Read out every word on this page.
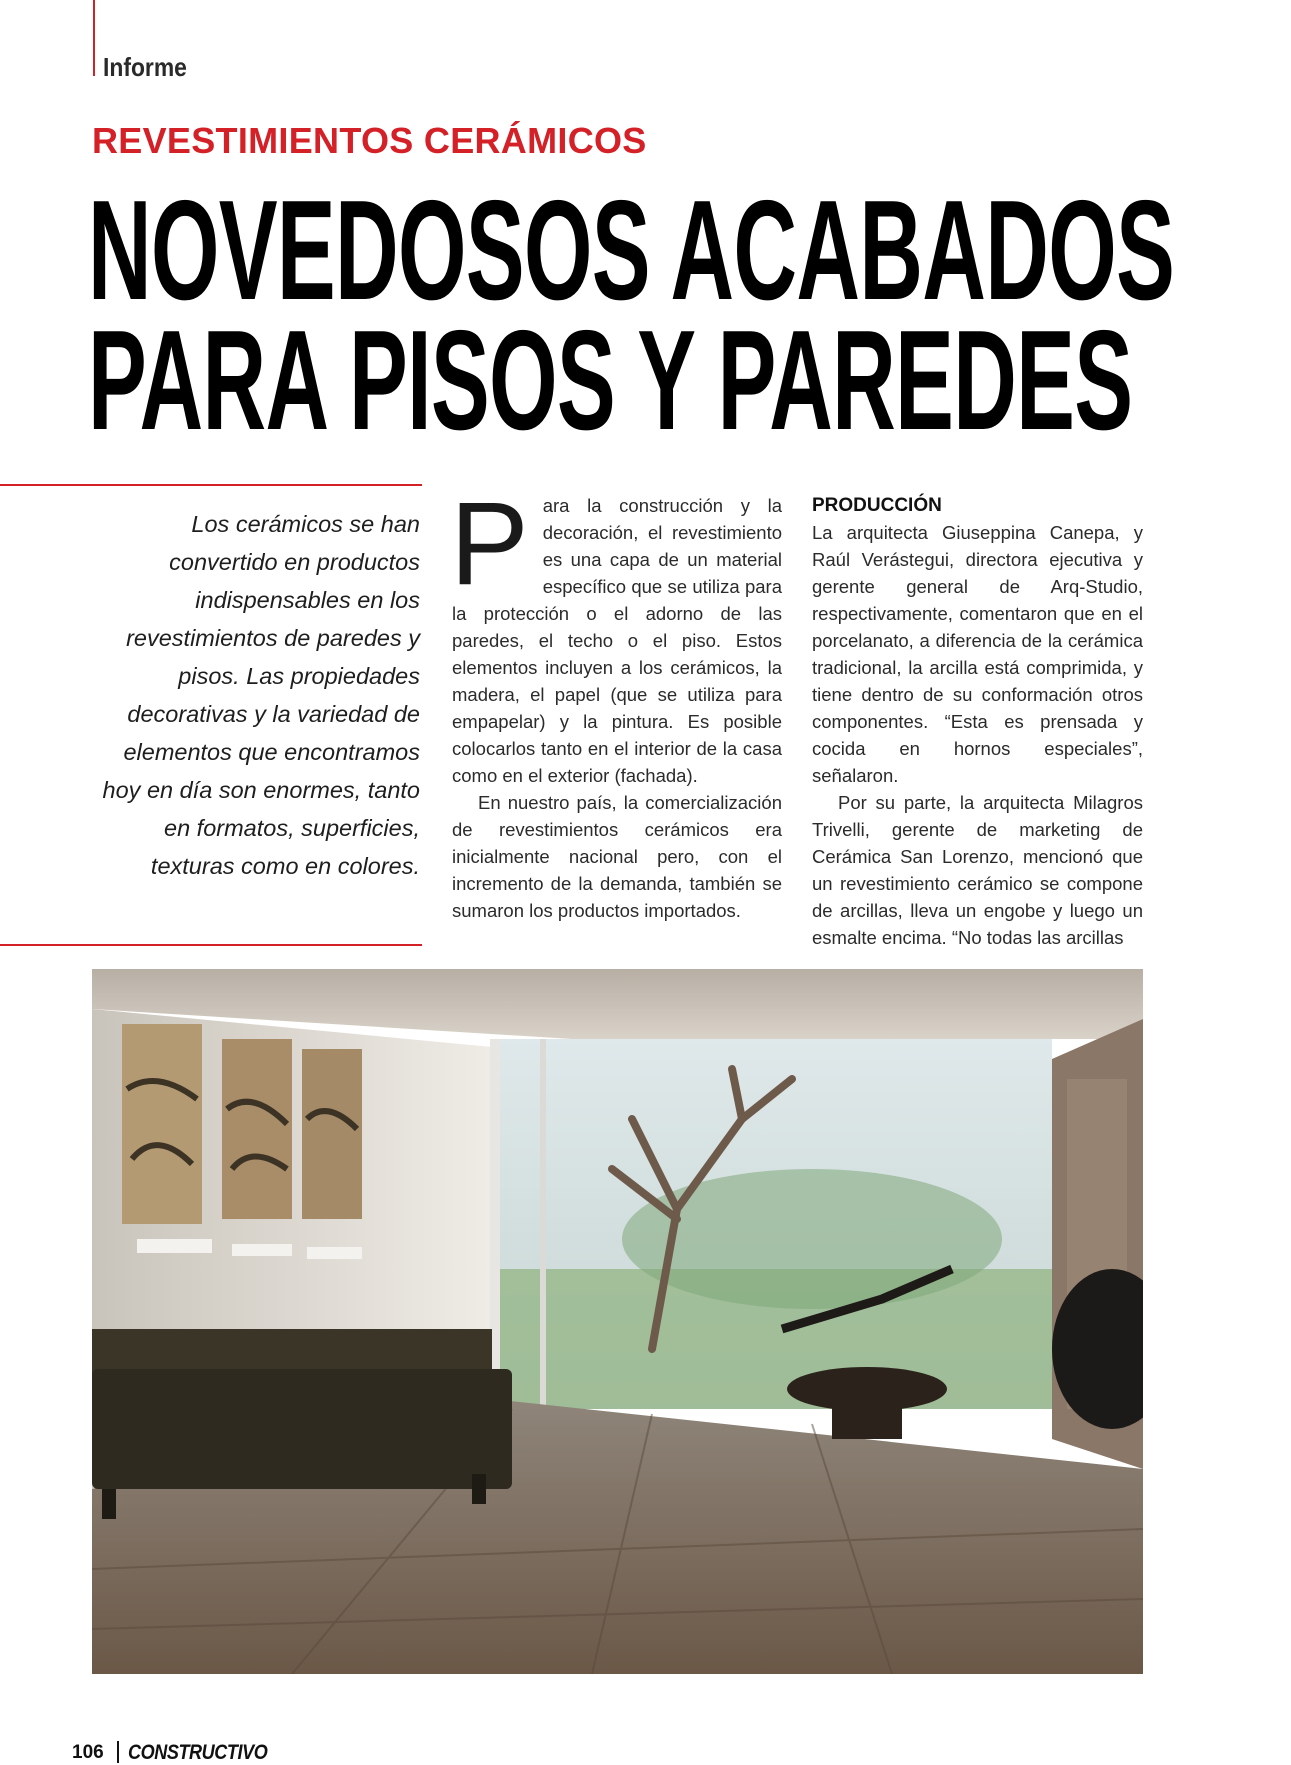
Informe
REVESTIMIENTOS CERÁMICOS
NOVEDOSOS ACABADOS
PARA PISOS Y PAREDES
Los cerámicos se han convertido en productos indispensables en los revestimientos de paredes y pisos. Las propiedades decorativas y la variedad de elementos que encontramos hoy en día son enormes, tanto en formatos, superficies, texturas como en colores.

Para la construcción y la decoración, el revestimiento es una capa de un material específico que se utiliza para la protección o el adorno de las paredes, el techo o el piso. Estos elementos incluyen a los cerámicos, la madera, el papel (que se utiliza para empapelar) y la pintura. Es posible colocarlos tanto en el interior de la casa como en el exterior (fachada).

En nuestro país, la comercialización de revestimientos cerámicos era inicialmente nacional pero, con el incremento de la demanda, también se sumaron los productos importados.

PRODUCCIÓN

La arquitecta Giuseppina Canepa, y Raúl Verástegui, directora ejecutiva y gerente general de Arq-Studio, respectivamente, comentaron que en el porcelanato, a diferencia de la cerámica tradicional, la arcilla está comprimida, y tiene dentro de su conformación otros componentes. “Esta es prensada y cocida en hornos especiales”, señalaron.

Por su parte, la arquitecta Milagros Trivelli, gerente de marketing de Cerámica San Lorenzo, mencionó que un revestimiento cerámico se compone de arcillas, lleva un engobe y luego un esmalte encima. “No todas las arcillas

106 CONSTRUCTIVO
